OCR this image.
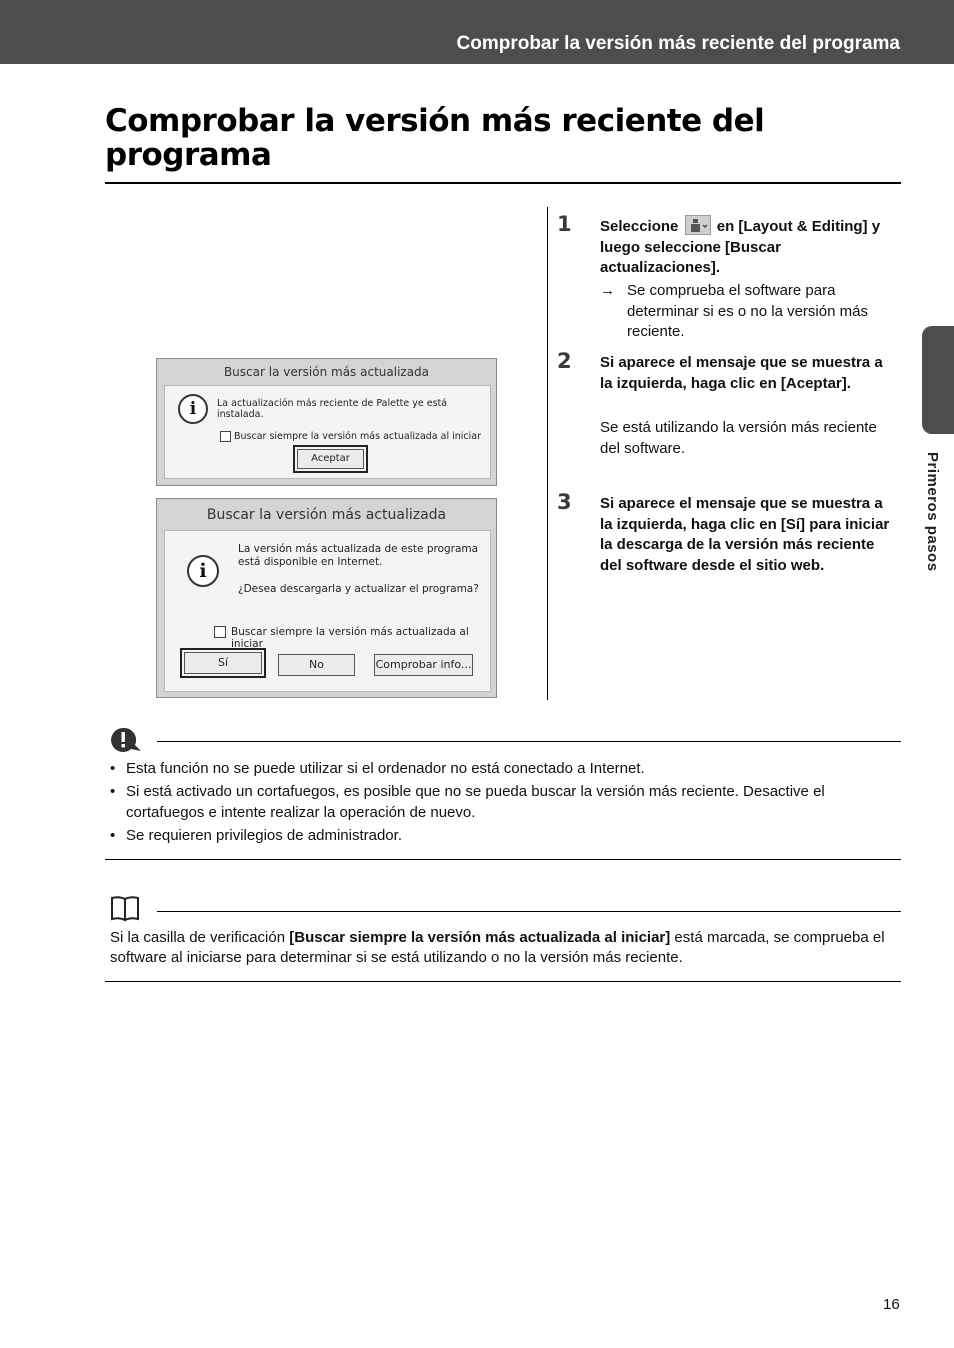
Comprobar la versión más reciente del programa
Comprobar la versión más reciente del programa
Buscar la versión más actualizada
i	La actualización más reciente de Palette ye está instalada.
Buscar siempre la versión más actualizada al iniciar
Aceptar
Buscar la versión más actualizada
i
La versión más actualizada de este programa
está disponible en Internet.
¿Desea descargarla y actualizar el programa?
Buscar siempre la versión más actualizada al iniciar
Sí	No	Comprobar info...
1 Seleccione	en [Layout & Editing] y luego seleccione [Buscar actualizaciones].
→ Se comprueba el software para determinar si es o no la versión más reciente.
2 Si aparece el mensaje que se muestra a la izquierda, haga clic en [Aceptar].
Se está utilizando la versión más reciente del software.
3 Si aparece el mensaje que se muestra a la izquierda, haga clic en [Sí] para iniciar la descarga de la versión más reciente del software desde el sitio web.	Primeros pasos
• Esta función no se puede utilizar si el ordenador no está conectado a Internet.
• Si está activado un cortafuegos, es posible que no se pueda buscar la versión más reciente. Desactive el cortafuegos e intente realizar la operación de nuevo.
• Se requieren privilegios de administrador.
Si la casilla de verificación [Buscar siempre la versión más actualizada al iniciar] está marcada, se comprueba el software al iniciarse para determinar si se está utilizando o no la versión más reciente.
16
